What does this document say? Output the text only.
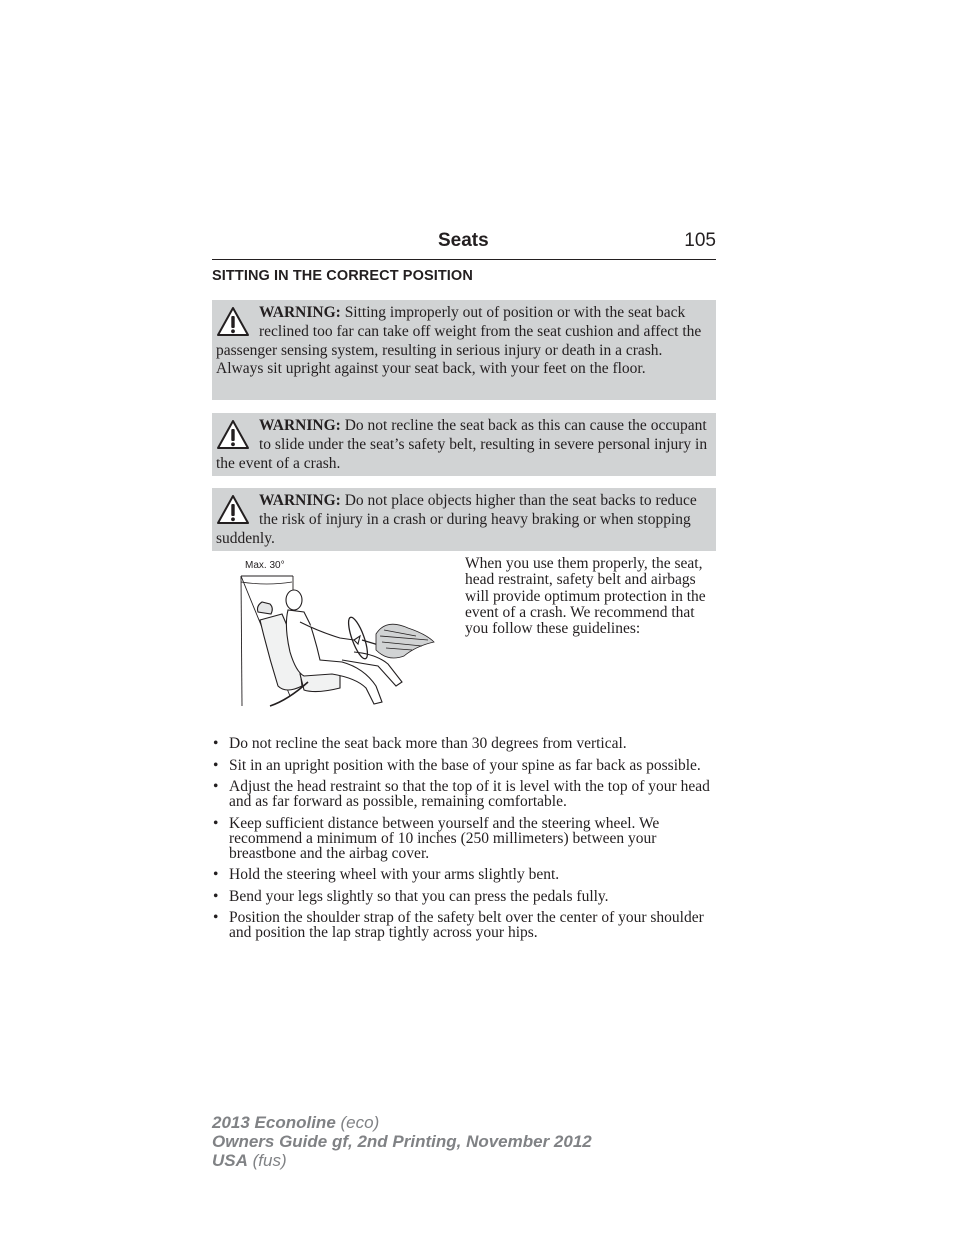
Seats	105
SITTING IN THE CORRECT POSITION
WARNING: Sitting improperly out of position or with the seat back reclined too far can take off weight from the seat cushion and affect the passenger sensing system, resulting in serious injury or death in a crash. Always sit upright against your seat back, with your feet on the floor.
WARNING: Do not recline the seat back as this can cause the occupant to slide under the seat’s safety belt, resulting in severe personal injury in the event of a crash.
WARNING: Do not place objects higher than the seat backs to reduce the risk of injury in a crash or during heavy braking or when stopping suddenly.
Max. 30°	When you use them properly, the seat, head restraint, safety belt and airbags will provide optimum protection in the event of a crash. We recommend that you follow these guidelines:
• Do not recline the seat back more than 30 degrees from vertical.
• Sit in an upright position with the base of your spine as far back as possible.
• Adjust the head restraint so that the top of it is level with the top of your head and as far forward as possible, remaining comfortable.
• Keep sufficient distance between yourself and the steering wheel. We recommend a minimum of 10 inches (250 millimeters) between your breastbone and the airbag cover.
• Hold the steering wheel with your arms slightly bent.
• Bend your legs slightly so that you can press the pedals fully.
• Position the shoulder strap of the safety belt over the center of your shoulder and position the lap strap tightly across your hips.
2013 Econoline (eco)
Owners Guide gf, 2nd Printing, November 2012
USA (fus)
